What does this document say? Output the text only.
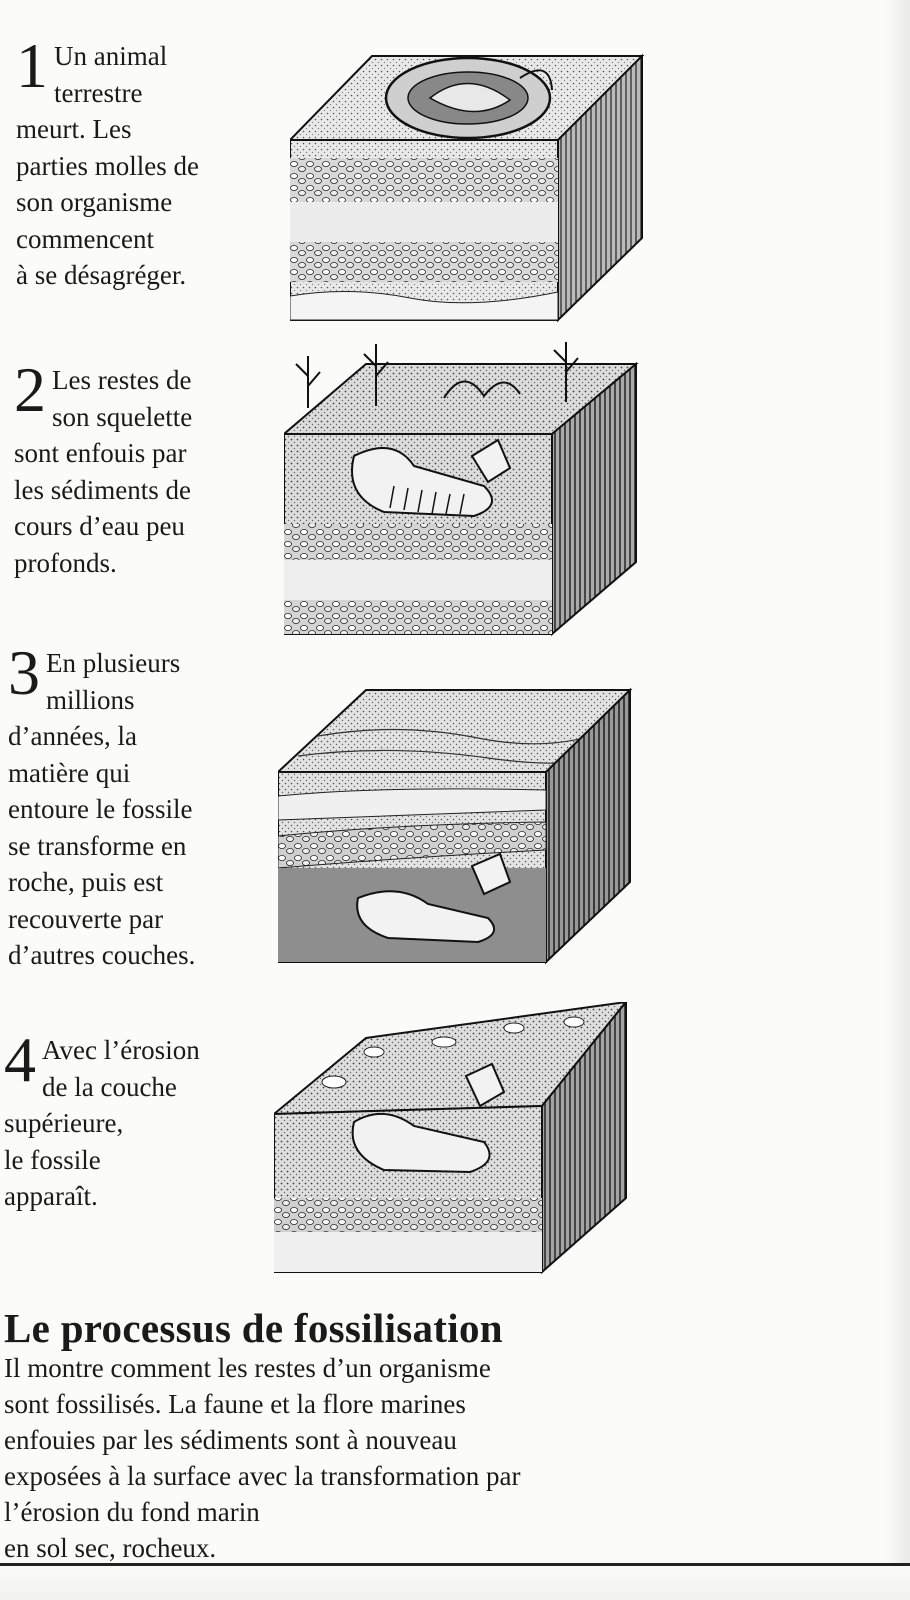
1 Un animal
terrestre
meurt. Les
parties molles de
son organisme
commencent
à se désagréger.
2 Les restes de
son squelette
sont enfouis par
les sédiments de
cours d’eau peu
profonds.
3 En plusieurs
millions
d’années, la
matière qui
entoure le fossile
se transforme en
roche, puis est
recouverte par
d’autres couches.
4 Avec l’érosion
de la couche
supérieure,
le fossile
apparaît.
Le processus de fossilisation
Il montre comment les restes d’un organisme
sont fossilisés. La faune et la flore marines
enfouies par les sédiments sont à nouveau
exposées à la surface avec la transformation par
l’érosion du fond marin
en sol sec, rocheux.
